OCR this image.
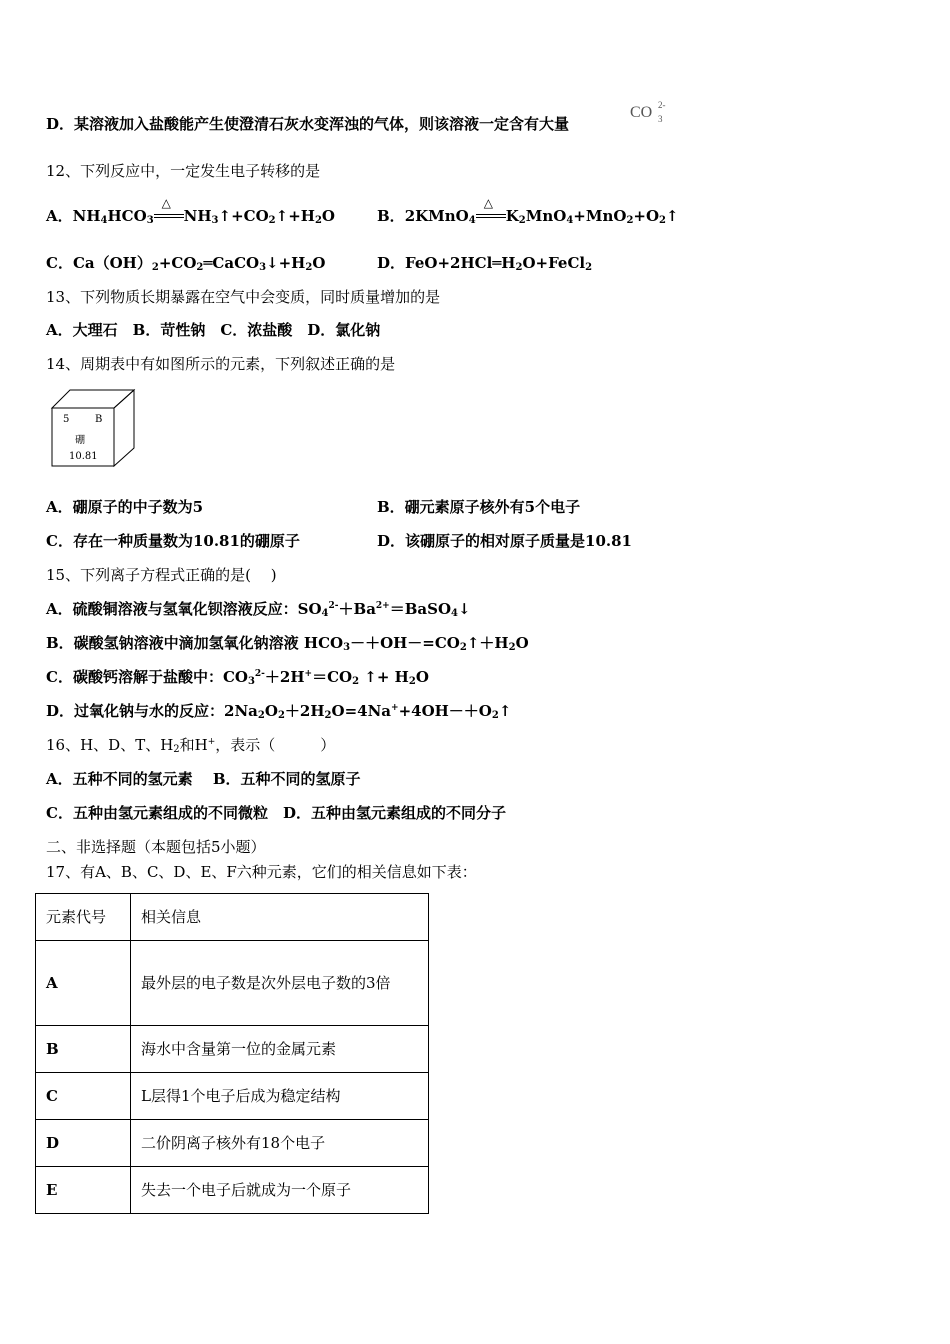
D．某溶液加入盐酸能产生使澄清石灰水变浑浊的气体，则该溶液一定含有大量
CO 2-
3
12、下列反应中，一定发生电子转移的是
A．$NH_4HCO_3$
△
$NH_3↑+CO_2↑+H_2O$	B．2KMnO$_4$
△
$K_2MnO_4+MnO_2+O_2↑$
C．$Ca(OH)_2+CO_2═CaCO_3↓+H_2O$	D．$FeO+2HCl═H_2O+FeCl_2$
13、下列物质长期暴露在空气中会变质，同时质量增加的是
A．大理石　B．苛性钠　C．浓盐酸　D．氯化钠
14、周期表中有如图所示的元素，下列叙述正确的是
5	B
硼
10.81
A．硼原子的中子数为5	B．硼元素原子核外有5个电子
C．存在一种质量数为10.81的硼原子	D．该硼原子的相对原子质量是10.81
15、下列离子方程式正确的是(　 )
A．硫酸铜溶液与氢氧化钡溶液反应：$SO_4^{2-}+Ba^{2+}=BaSO_4↓$
B．碳酸氢钠溶液中滴加氢氧化钠溶液 $HCO_3-+OH-=CO_2↑+H_2O$
C．碳酸钙溶解于盐酸中：$CO_3^{2-}+2H^+=CO_2$ ↑+ $H_2O$
D．过氧化钠与水的反应：$2Na_2O_2+2H_2O=4Na^++4OH-+O_2↑$
16、H、D、T、$H_2$和H+，表示（　　　）
A．五种不同的氢元素　 B．五种不同的氢原子
C．五种由氢元素组成的不同微粒　D．五种由氢元素组成的不同分子
二、非选择题（本题包括5小题）
17、有A、B、C、D、E、F六种元素，它们的相关信息如下表：
元素代号	相关信息
A	最外层的电子数是次外层电子数的3倍
B	海水中含量第一位的金属元素
C	L层得1个电子后成为稳定结构
D	二价阴离子核外有18个电子
E	失去一个电子后就成为一个原子
